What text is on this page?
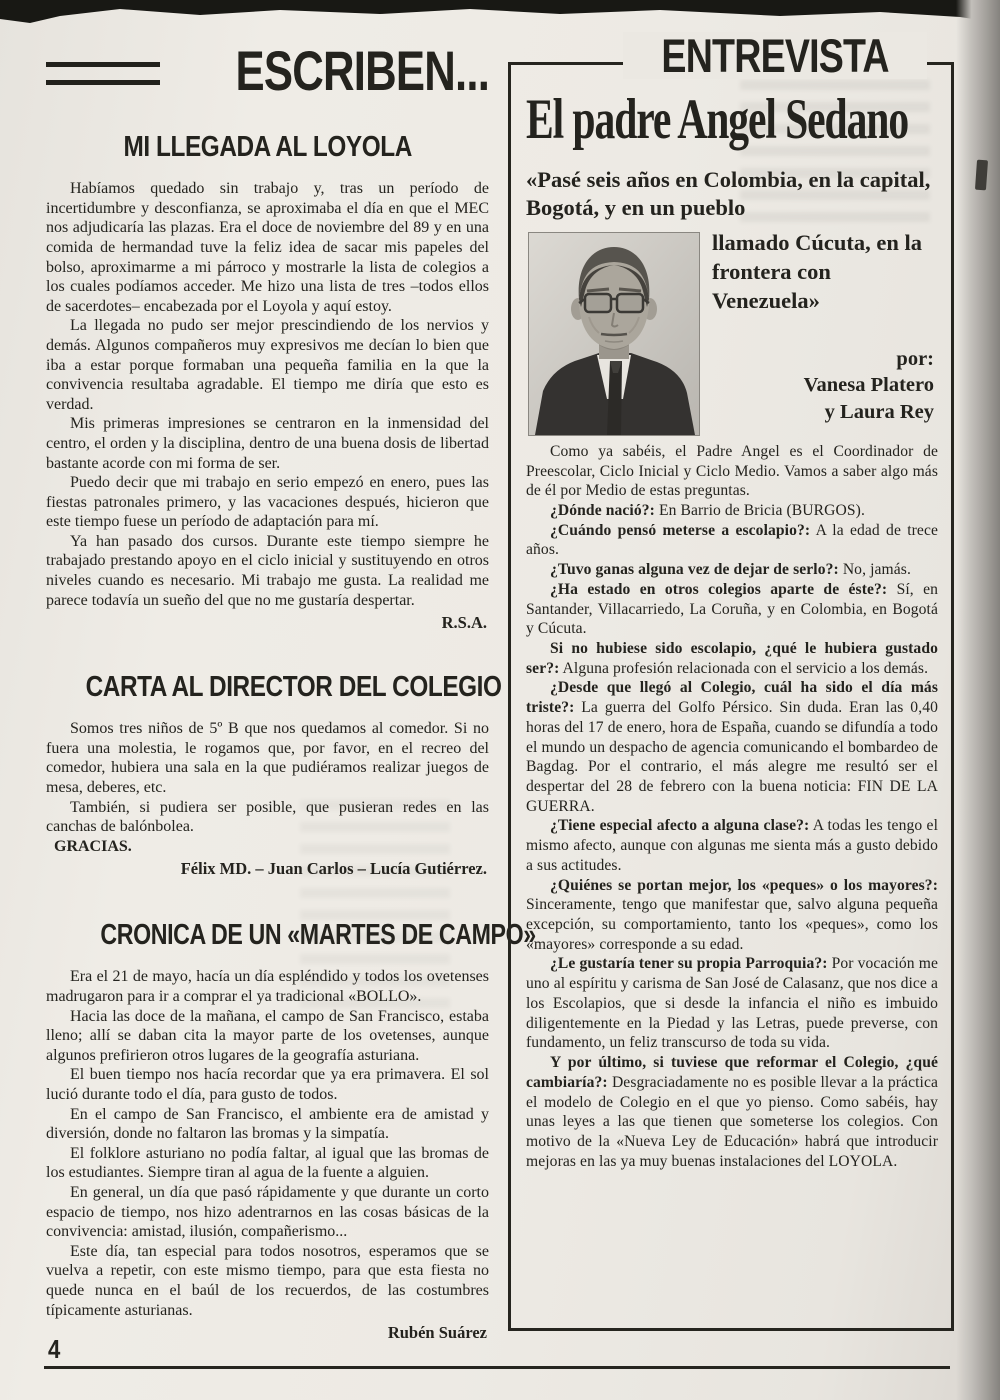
ESCRIBEN...
MI LLEGADA AL LOYOLA

Habíamos quedado sin trabajo y, tras un período de incertidumbre y desconfianza, se aproximaba el día en que el MEC nos adjudicaría las plazas. Era el doce de noviembre del 89 y en una comida de hermandad tuve la feliz idea de sacar mis papeles del bolso, aproximarme a mi párroco y mostrarle la lista de colegios a los cuales podíamos acceder. Me hizo una lista de tres –todos ellos de sacerdotes– encabezada por el Loyola y aquí estoy.

La llegada no pudo ser mejor prescindiendo de los nervios y demás. Algunos compañeros muy expresivos me decían lo bien que iba a estar porque formaban una pequeña familia en la que la convivencia resultaba agradable. El tiempo me diría que esto es verdad.

Mis primeras impresiones se centraron en la inmensidad del centro, el orden y la disciplina, dentro de una buena dosis de libertad bastante acorde con mi forma de ser.

Puedo decir que mi trabajo en serio empezó en enero, pues las fiestas patronales primero, y las vacaciones después, hicieron que este tiempo fuese un período de adaptación para mí.

Ya han pasado dos cursos. Durante este tiempo siempre he trabajado prestando apoyo en el ciclo inicial y sustituyendo en otros niveles cuando es necesario. Mi trabajo me gusta. La realidad me parece todavía un sueño del que no me gustaría despertar.

R.S.A.

CARTA AL DIRECTOR DEL COLEGIO

Somos tres niños de 5º B que nos quedamos al comedor. Si no fuera una molestia, le rogamos que, por favor, en el recreo del comedor, hubiera una sala en la que pudiéramos realizar juegos de mesa, deberes, etc.

También, si pudiera ser posible, que pusieran redes en las canchas de balónbolea.

GRACIAS.

Félix MD. – Juan Carlos – Lucía Gutiérrez.

CRONICA DE UN «MARTES DE CAMPO»

Era el 21 de mayo, hacía un día espléndido y todos los ovetenses madrugaron para ir a comprar el ya tradicional «BOLLO».

Hacia las doce de la mañana, el campo de San Francisco, estaba lleno; allí se daban cita la mayor parte de los ovetenses, aunque algunos prefirieron otros lugares de la geografía asturiana.

El buen tiempo nos hacía recordar que ya era primavera. El sol lució durante todo el día, para gusto de todos.

En el campo de San Francisco, el ambiente era de amistad y diversión, donde no faltaron las bromas y la simpatía.

El folklore asturiano no podía faltar, al igual que las bromas de los estudiantes. Siempre tiran al agua de la fuente a alguien.

En general, un día que pasó rápidamente y que durante un corto espacio de tiempo, nos hizo adentrarnos en las cosas básicas de la convivencia: amistad, ilusión, compañerismo...

Este día, tan especial para todos nosotros, esperamos que se vuelva a repetir, con este mismo tiempo, para que esta fiesta no quede nunca en el baúl de los recuerdos, de las costumbres típicamente asturianas.

Rubén Suárez

ENTREVISTA
El padre Angel Sedano

«Pasé seis años en Colombia, en la capital, Bogotá, y en un pueblo

llamado Cúcuta, en la frontera con Venezuela»

por:
Vanesa Platero
y Laura Rey

Como ya sabéis, el Padre Angel es el Coordinador de Preescolar, Ciclo Inicial y Ciclo Medio. Vamos a saber algo más de él por Medio de estas preguntas.

¿Dónde nació?: En Barrio de Bricia (BURGOS).

¿Cuándo pensó meterse a escolapio?: A la edad de trece años.

¿Tuvo ganas alguna vez de dejar de serlo?: No, jamás.

¿Ha estado en otros colegios aparte de éste?: Sí, en Santander, Villacarriedo, La Coruña, y en Colombia, en Bogotá y Cúcuta.

Si no hubiese sido escolapio, ¿qué le hubiera gustado ser?: Alguna profesión relacionada con el servicio a los demás.

¿Desde que llegó al Colegio, cuál ha sido el día más triste?: La guerra del Golfo Pérsico. Sin duda. Eran las 0,40 horas del 17 de enero, hora de España, cuando se difundía a todo el mundo un despacho de agencia comunicando el bombardeo de Bagdag. Por el contrario, el más alegre me resultó ser el despertar del 28 de febrero con la buena noticia: FIN DE LA GUERRA.

¿Tiene especial afecto a alguna clase?: A todas les tengo el mismo afecto, aunque con algunas me sienta más a gusto debido a sus actitudes.

¿Quiénes se portan mejor, los «peques» o los mayores?: Sinceramente, tengo que manifestar que, salvo alguna pequeña excepción, su comportamiento, tanto los «peques», como los «mayores» corresponde a su edad.

¿Le gustaría tener su propia Parroquia?: Por vocación me uno al espíritu y carisma de San José de Calasanz, que nos dice a los Escolapios, que si desde la infancia el niño es imbuido diligentemente en la Piedad y las Letras, puede preverse, con fundamento, un feliz transcurso de toda su vida.

Y por último, si tuviese que reformar el Colegio, ¿qué cambiaría?: Desgraciadamente no es posible llevar a la práctica el modelo de Colegio en el que yo pienso. Como sabéis, hay unas leyes a las que tienen que someterse los colegios. Con motivo de la «Nueva Ley de Educación» habrá que introducir mejoras en las ya muy buenas instalaciones del LOYOLA.

4
